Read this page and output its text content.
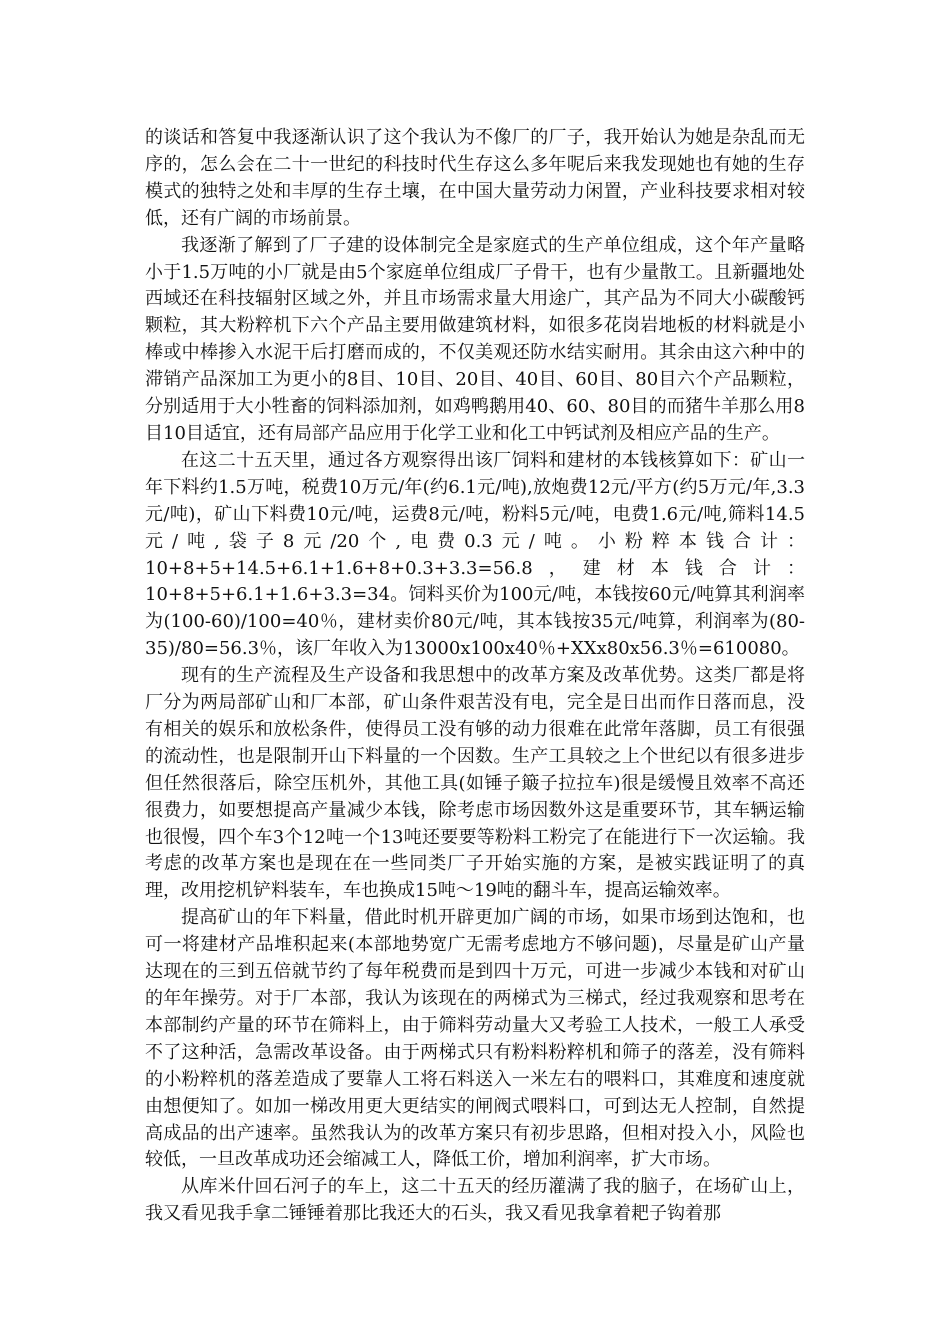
的谈话和答复中我逐渐认识了这个我认为不像厂的厂子，我开始认为她是杂乱而无序的，怎么会在二十一世纪的科技时代生存这么多年呢后来我发现她也有她的生存模式的独特之处和丰厚的生存土壤，在中国大量劳动力闲置，产业科技要求相对较低，还有广阔的市场前景。

我逐渐了解到了厂子建的设体制完全是家庭式的生产单位组成，这个年产量略小于1.5万吨的小厂就是由5个家庭单位组成厂子骨干，也有少量散工。且新疆地处西域还在科技辐射区域之外，并且市场需求量大用途广，其产品为不同大小碳酸钙颗粒，其大粉粹机下六个产品主要用做建筑材料，如很多花岗岩地板的材料就是小棒或中棒掺入水泥干后打磨而成的，不仅美观还防水结实耐用。其余由这六种中的滞销产品深加工为更小的8目、10目、20目、40目、60目、80目六个产品颗粒，分别适用于大小牲畜的饲料添加剂，如鸡鸭鹅用40、60、80目的而猪牛羊那么用8目10目适宜，还有局部产品应用于化学工业和化工中钙试剂及相应产品的生产。

在这二十五天里，通过各方观察得出该厂饲料和建材的本钱核算如下：矿山一年下料约1.5万吨，税费10万元/年(约6.1元/吨),放炮费12元/平方(约5万元/年,3.3元/吨)，矿山下料费10元/吨，运费8元/吨，粉料5元/吨，电费1.6元/吨,筛料14.5元/吨,袋子8元/20个,电费0.3元/吨。小粉粹本钱合计：10+8+5+14.5+6.1+1.6+8+0.3+3.3=56.8，建材本钱合计：10+8+5+6.1+1.6+3.3=34。饲料买价为100元/吨，本钱按60元/吨算其利润率为(100-60)/100=40％，建材卖价80元/吨，其本钱按35元/吨算，利润率为(80-35)/80=56.3％，该厂年收入为13000x100x40％+XXx80x56.3％=610080。

现有的生产流程及生产设备和我思想中的改革方案及改革优势。这类厂都是将厂分为两局部矿山和厂本部，矿山条件艰苦没有电，完全是日出而作日落而息，没有相关的娱乐和放松条件，使得员工没有够的动力很难在此常年落脚，员工有很强的流动性，也是限制开山下料量的一个因数。生产工具较之上个世纪以有很多进步但任然很落后，除空压机外，其他工具(如锤子簸子拉拉车)很是缓慢且效率不高还很费力，如要想提高产量减少本钱，除考虑市场因数外这是重要环节，其车辆运输也很慢，四个车3个12吨一个13吨还要要等粉料工粉完了在能进行下一次运输。我考虑的改革方案也是现在在一些同类厂子开始实施的方案，是被实践证明了的真理，改用挖机铲料装车，车也换成15吨～19吨的翻斗车，提高运输效率。

提高矿山的年下料量，借此时机开辟更加广阔的市场，如果市场到达饱和，也可一将建材产品堆积起来(本部地势宽广无需考虑地方不够问题)，尽量是矿山产量达现在的三到五倍就节约了每年税费而是到四十万元，可进一步减少本钱和对矿山的年年操劳。对于厂本部，我认为该现在的两梯式为三梯式，经过我观察和思考在本部制约产量的环节在筛料上，由于筛料劳动量大又考验工人技术，一般工人承受不了这种活，急需改革设备。由于两梯式只有粉料粉粹机和筛子的落差，没有筛料的小粉粹机的落差造成了要靠人工将石料送入一米左右的喂料口，其难度和速度就由想便知了。如加一梯改用更大更结实的闸阀式喂料口，可到达无人控制，自然提高成品的出产速率。虽然我认为的改革方案只有初步思路，但相对投入小，风险也较低，一旦改革成功还会缩减工人，降低工价，增加利润率，扩大市场。

从库米什回石河子的车上，这二十五天的经历灌满了我的脑子，在场矿山上，我又看见我手拿二锤锤着那比我还大的石头，我又看见我拿着耙子钩着那
